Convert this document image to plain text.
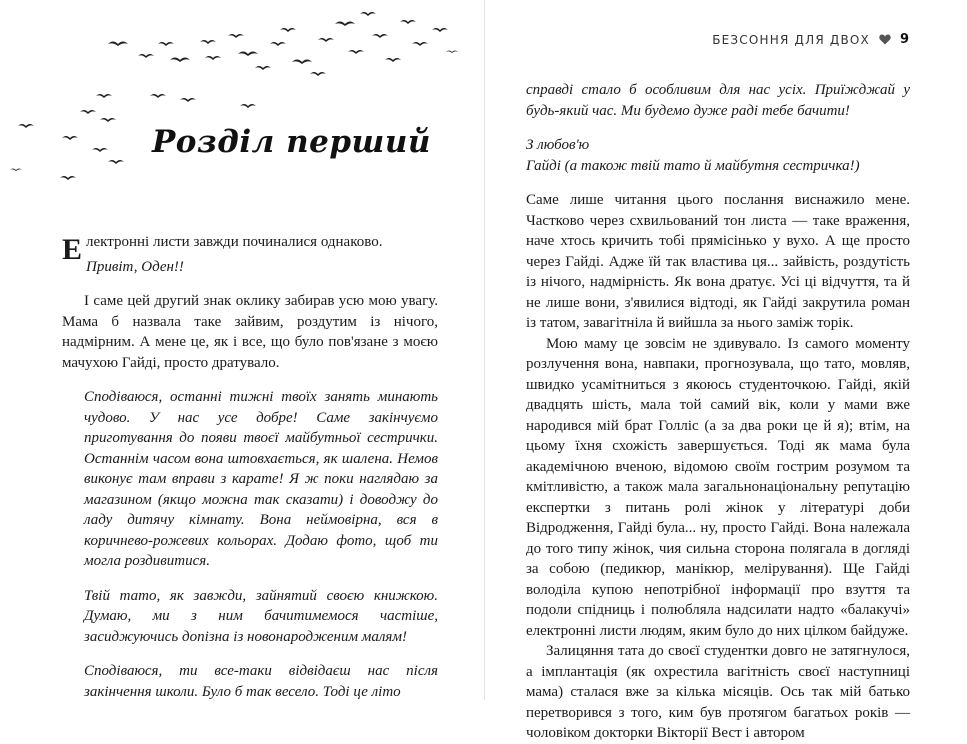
Розділ перший

Електронні листи завжди починалися однаково.

Привіт, Оден!!

І саме цей другий знак оклику забирав усю мою увагу. Мама б назвала таке зайвим, роздутим із нічого, надмірним. А мене це, як і все, що було пов'язане з моєю мачухою Гайді, просто дратувало.

Сподіваюся, останні тижні твоїх занять минають чудово. У нас усе добре! Саме закінчуємо приготування до появи твоєї майбутньої сестрички. Останнім часом вона штовхається, як шалена. Немов виконує там вправи з карате! Я ж поки наглядаю за магазином (якщо можна так сказати) і доводжу до ладу дитячу кімнату. Вона неймовірна, вся в коричнево-рожевих кольорах. Додаю фото, щоб ти могла роздивитися.

Твій тато, як завжди, зайнятий своєю книжкою. Думаю, ми з ним бачитимемося частіше, засиджуючись допізна із новонародженим малям!

Сподіваюся, ти все-таки відвідаєш нас після закінчення школи. Було б так весело. Тоді це літо

БЕЗСОННЯ ДЛЯ ДВОХ 9

справді стало б особливим для нас усіх. Приїжджай у будь-який час. Ми будемо дуже раді тебе бачити!

З любов'ю

Гайді (а також твій тато й майбутня сестричка!)

Саме лише читання цього послання виснажило мене. Частково через схвильований тон листа — таке враження, наче хтось кричить тобі прямісінько у вухо. А ще просто через Гайді. Адже їй так властива ця... зайвість, роздутість із нічого, надмірність. Як вона дратує. Усі ці відчуття, та й не лише вони, з'явилися відтоді, як Гайді закрутила роман із татом, завагітніла й вийшла за нього заміж торік.

Мою маму це зовсім не здивувало. Із самого моменту розлучення вона, навпаки, прогнозувала, що тато, мовляв, швидко усамітниться з якоюсь студенточкою. Гайді, якій двадцять шість, мала той самий вік, коли у мами вже народився мій брат Голліс (а за два роки це й я); втім, на цьому їхня схожість завершується. Тоді як мама була академічною вченою, відомою своїм гострим розумом та кмітливістю, а також мала загальнонаціональну репутацію експертки з питань ролі жінок у літературі доби Відродження, Гайді була... ну, просто Гайді. Вона належала до того типу жінок, чия сильна сторона полягала в догляді за собою (педикюр, манікюр, мелірування). Ще Гайді володіла купою непотрібної інформації про взуття та подоли спідниць і полюбляла надсилати надто «балакучі» електронні листи людям, яким було до них цілком байдуже.

Залицяння тата до своєї студентки довго не затягнулося, а імплантація (як охрестила вагітність своєї наступниці мама) сталася вже за кілька місяців. Ось так мій батько перетворився з того, ким був протягом багатьох років — чоловіком докторки Вікторії Вест і автором
